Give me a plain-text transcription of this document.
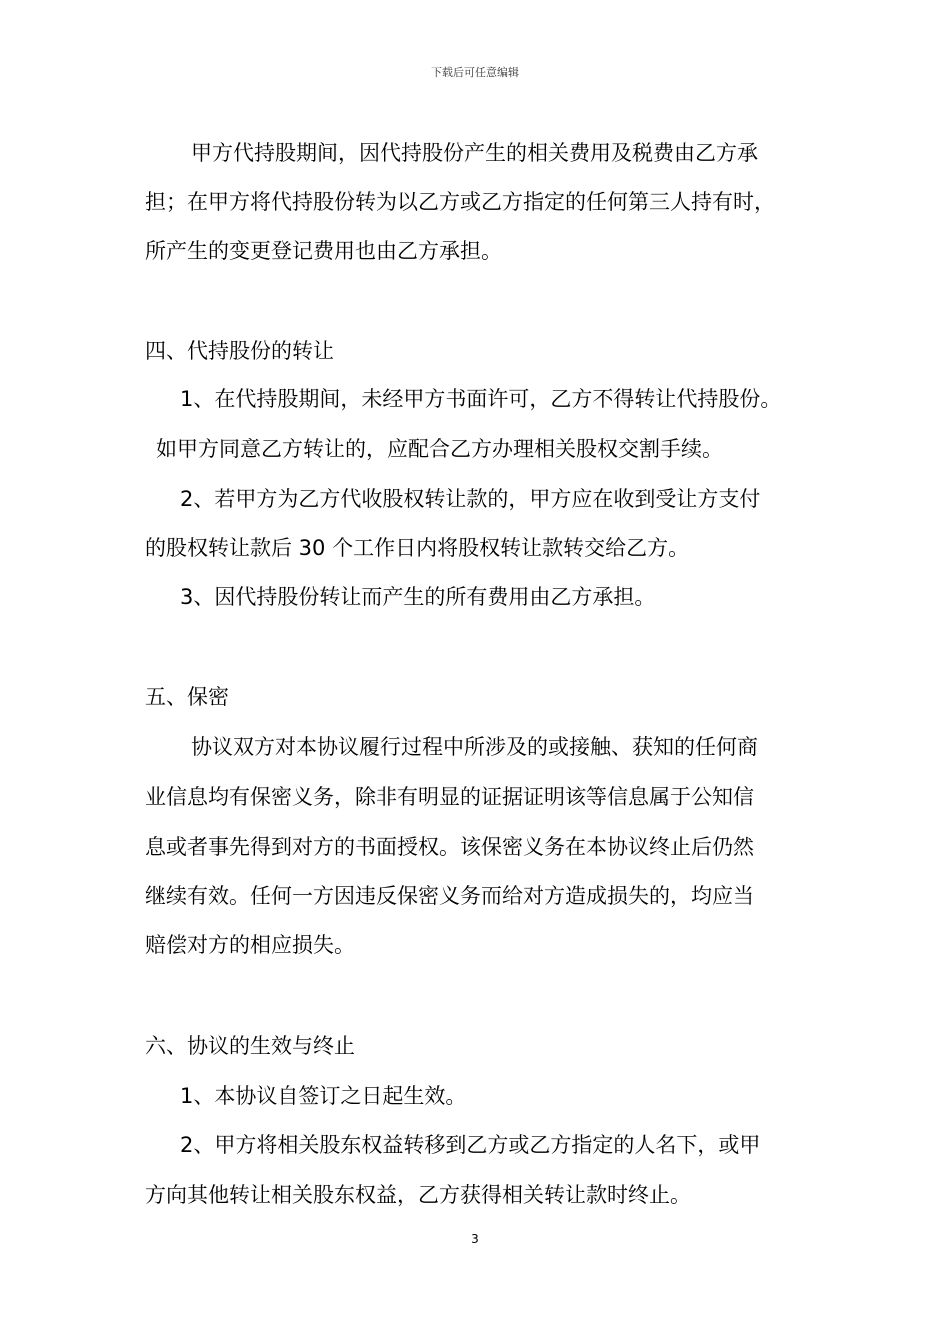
下载后可任意编辑
甲方代持股期间，因代持股份产生的相关费用及税费由乙方承
担；在甲方将代持股份转为以乙方或乙方指定的任何第三人持有时，
所产生的变更登记费用也由乙方承担。
四、代持股份的转让
1、在代持股期间，未经甲方书面许可，乙方不得转让代持股份。
如甲方同意乙方转让的，应配合乙方办理相关股权交割手续。
2、若甲方为乙方代收股权转让款的，甲方应在收到受让方支付
的股权转让款后 30 个工作日内将股权转让款转交给乙方。
3、因代持股份转让而产生的所有费用由乙方承担。
五、保密
协议双方对本协议履行过程中所涉及的或接触、获知的任何商
业信息均有保密义务，除非有明显的证据证明该等信息属于公知信
息或者事先得到对方的书面授权。该保密义务在本协议终止后仍然
继续有效。任何一方因违反保密义务而给对方造成损失的，均应当
赔偿对方的相应损失。
六、协议的生效与终止
1、本协议自签订之日起生效。
2、甲方将相关股东权益转移到乙方或乙方指定的人名下，或甲
方向其他转让相关股东权益，乙方获得相关转让款时终止。
3
